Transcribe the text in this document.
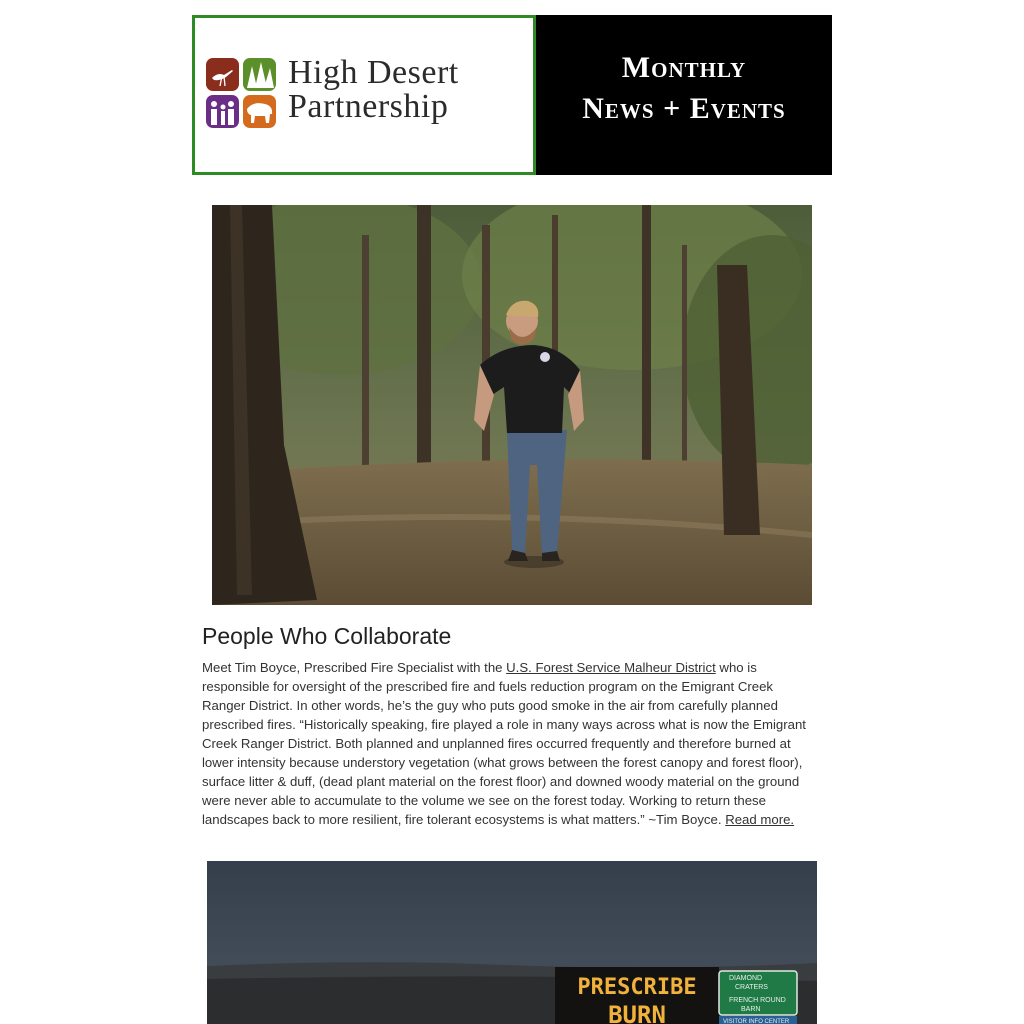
High Desert
Partnership
Monthly
News + Events
People Who Collaborate

Meet Tim Boyce, Prescribed Fire Specialist with the U.S. Forest Service Malheur District who is responsible for oversight of the prescribed fire and fuels reduction program on the Emigrant Creek Ranger District. In other words, he’s the guy who puts good smoke in the air from carefully planned prescribed fires. “Historically speaking, fire played a role in many ways across what is now the Emigrant Creek Ranger District. Both planned and unplanned fires occurred frequently and therefore burned at lower intensity because understory vegetation (what grows between the forest canopy and forest floor), surface litter & duff, (dead plant material on the forest floor) and downed woody material on the ground were never able to accumulate to the volume we see on the forest today. Working to return these landscapes back to more resilient, fire tolerant ecosystems is what matters.” ~Tim Boyce. Read more.

PRESCRIBE
BURN
DIAMOND
CRATERS
FRENCH ROUND
BARN
VISITOR INFO CENTER
